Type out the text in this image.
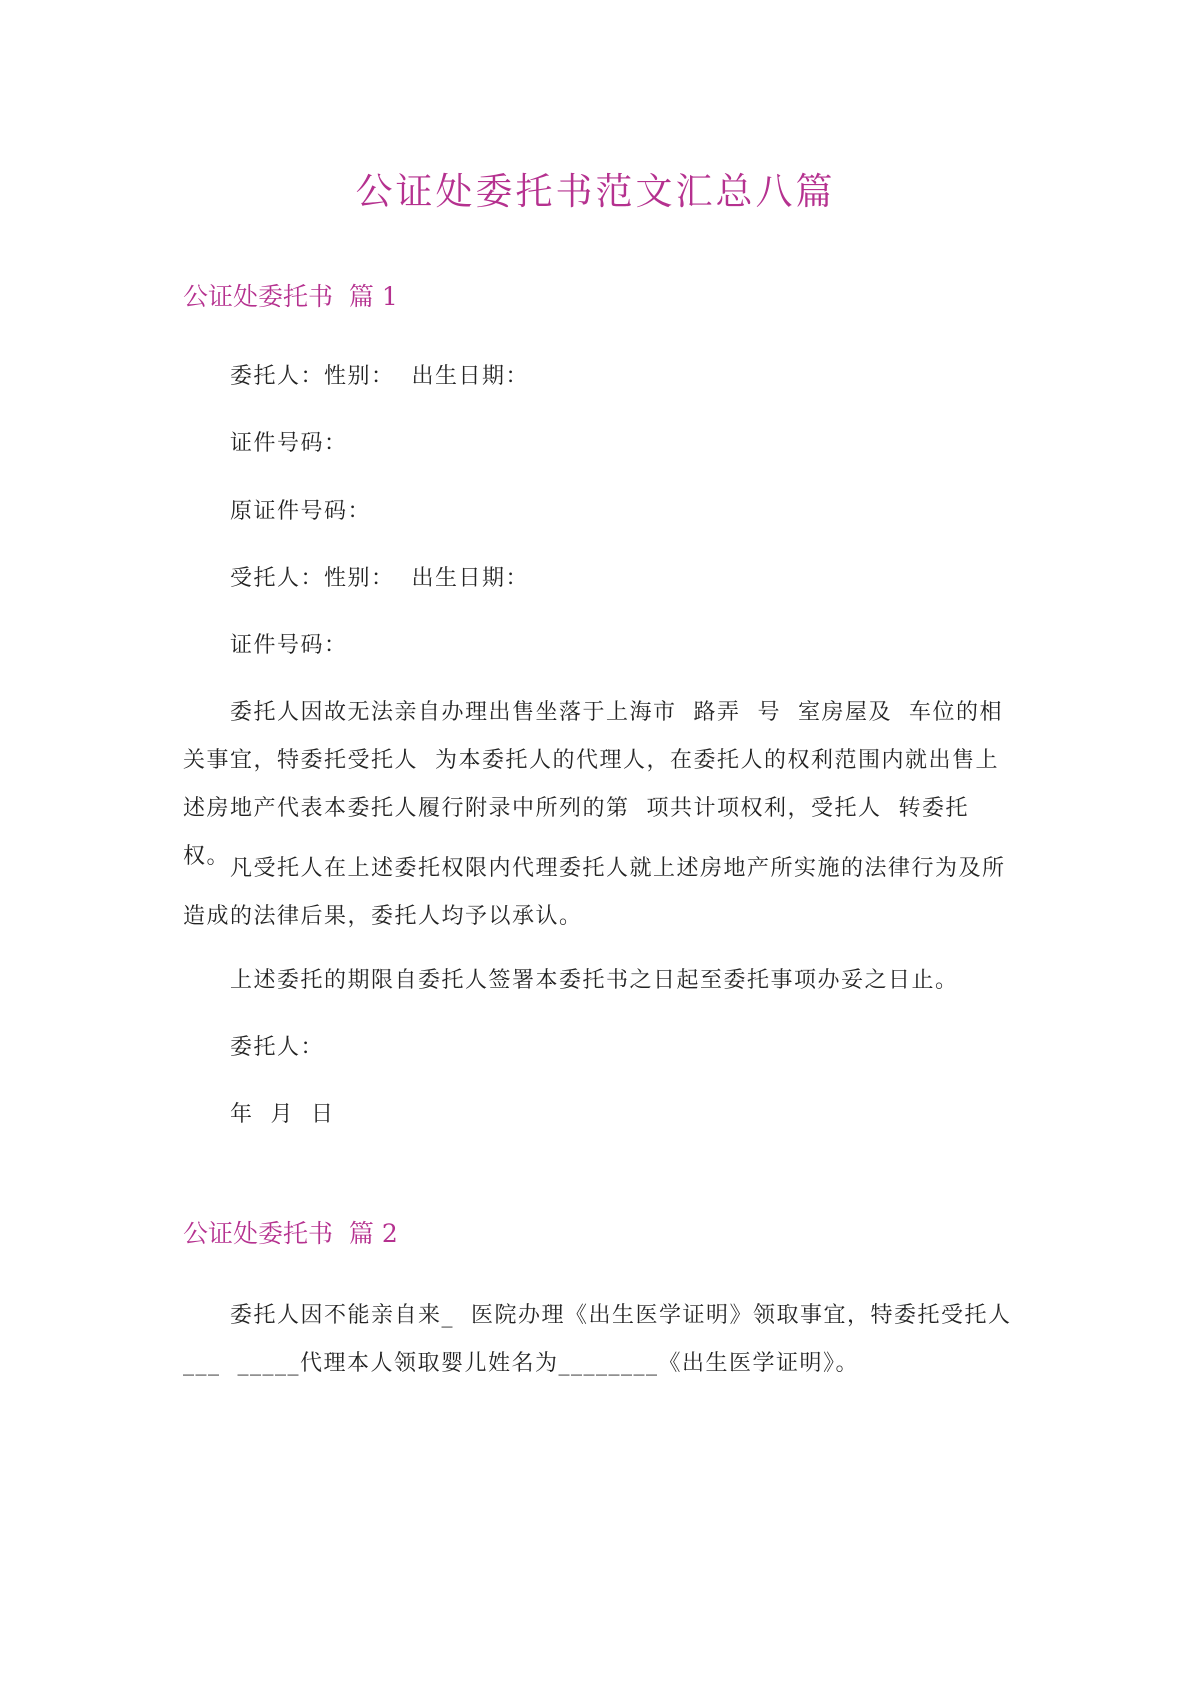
公证处委托书范文汇总八篇
公证处委托书  篇 1

委托人：性别：  出生日期：

证件号码：

原证件号码：

受托人：性别：  出生日期：

证件号码：

委托人因故无法亲自办理出售坐落于上海市  路弄  号  室房屋及  车位的相关事宜，特委托受托人  为本委托人的代理人，在委托人的权利范围内就出售上述房地产代表本委托人履行附录中所列的第  项共计项权利，受托人  转委托权。 凡受托人在上述委托权限内代理委托人就上述房地产所实施的法律行为及所造成的法律后果，委托人均予以承认。

上述委托的期限自委托人签署本委托书之日起至委托事项办妥之日止。

委托人：

年  月  日

公证处委托书  篇 2

委托人因不能亲自来_  医院办理《出生医学证明》领取事宜，特委托受托人___  _____代理本人领取婴儿姓名为________《出生医学证明》。
